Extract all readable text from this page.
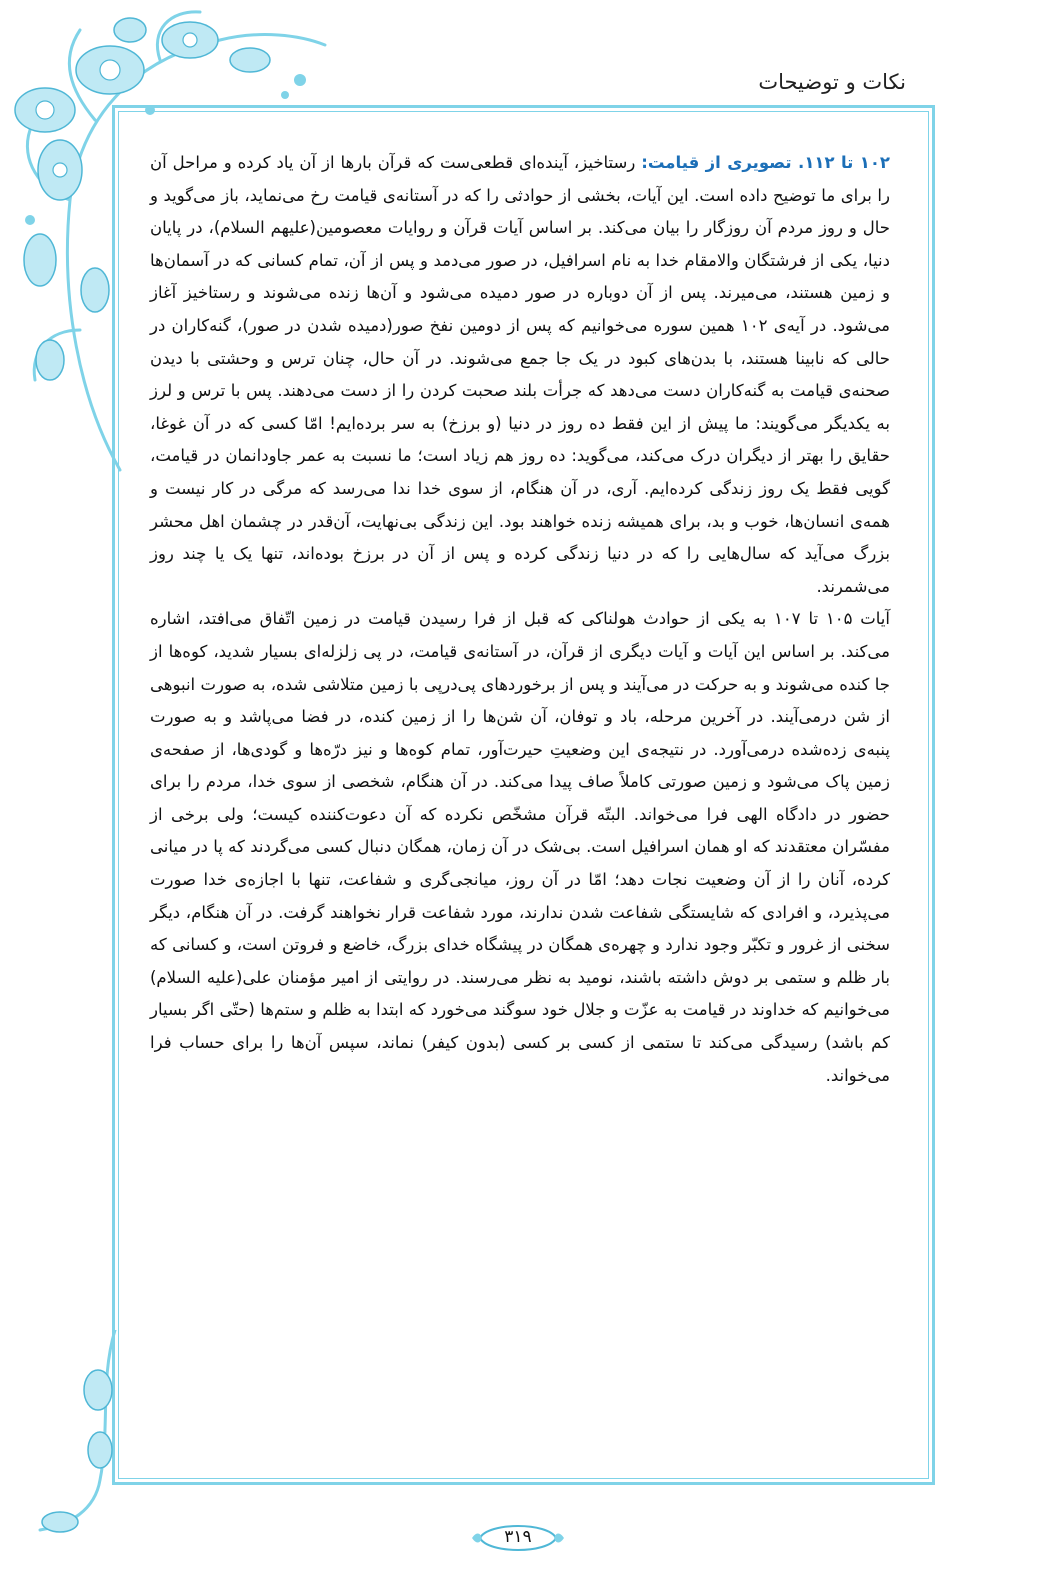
نکات و توضیحات

۱۰۲ تا ۱۱۲. تصویری از قیامت: رستاخیز، آینده‌ای قطعی‌ست که قرآن بارها از آن یاد کرده و مراحل آن را برای ما توضیح داده است. این آیات، بخشی از حوادثی را که در آستانه‌ی قیامت رخ می‌نماید، باز می‌گوید و حال و روز مردم آن روزگار را بیان می‌کند. بر اساس آیات قرآن و روایات معصومین(علیهم السلام)، در پایان دنیا، یکی از فرشتگان والامقام خدا به نام اسرافیل، در صور می‌دمد و پس از آن، تمام کسانی که در آسمان‌ها و زمین هستند، می‌میرند. پس از آن دوباره در صور دمیده می‌شود و آن‌ها زنده می‌شوند و رستاخیز آغاز می‌شود. در آیه‌ی ۱۰۲ همین سوره می‌خوانیم که پس از دومین نفخ صور(دمیده شدن در صور)، گنه‌کاران در حالی که نابینا هستند، با بدن‌های کبود در یک جا جمع می‌شوند. در آن حال، چنان ترس و وحشتی با دیدن صحنه‌ی قیامت به گنه‌کاران دست می‌دهد که جرأت بلند صحبت کردن را از دست می‌دهند. پس با ترس و لرز به یکدیگر می‌گویند: ما پیش از این فقط ده روز در دنیا (و برزخ) به سر برده‌ایم! امّا کسی که در آن غوغا، حقایق را بهتر از دیگران درک می‌کند، می‌گوید: ده روز هم زیاد است؛ ما نسبت به عمر جاودانمان در قیامت، گویی فقط یک روز زندگی کرده‌ایم. آری، در آن هنگام، از سوی خدا ندا می‌رسد که مرگی در کار نیست و همه‌ی انسان‌ها، خوب و بد، برای همیشه زنده خواهند بود. این زندگی بی‌نهایت، آن‌قدر در چشمان اهل محشر بزرگ می‌آید که سال‌هایی را که در دنیا زندگی کرده و پس از آن در برزخ بوده‌اند، تنها یک یا چند روز می‌شمرند.

آیات ۱۰۵ تا ۱۰۷ به یکی از حوادث هولناکی که قبل از فرا رسیدن قیامت در زمین اتّفاق می‌افتد، اشاره می‌کند. بر اساس این آیات و آیات دیگری از قرآن، در آستانه‌ی قیامت، در پی زلزله‌ای بسیار شدید، کوه‌ها از جا کنده می‌شوند و به حرکت در می‌آیند و پس از برخوردهای پی‌درپی با زمین متلاشی شده، به صورت انبوهی از شن درمی‌آیند. در آخرین مرحله، باد و توفان، آن شن‌ها را از زمین کنده، در فضا می‌پاشد و به صورت پنبه‌ی زده‌شده درمی‌آورد. در نتیجه‌ی این وضعیتِ حیرت‌آور، تمام کوه‌ها و نیز درّه‌ها و گودی‌ها، از صفحه‌ی زمین پاک می‌شود و زمین صورتی کاملاً صاف پیدا می‌کند. در آن هنگام، شخصی از سوی خدا، مردم را برای حضور در دادگاه الهی فرا می‌خواند. البتّه قرآن مشخّص نکرده که آن دعوت‌کننده کیست؛ ولی برخی از مفسّران معتقدند که او همان اسرافیل است. بی‌شک در آن زمان، همگان دنبال کسی می‌گردند که پا در میانی کرده، آنان را از آن وضعیت نجات دهد؛ امّا در آن روز، میانجی‌گری و شفاعت، تنها با اجازه‌ی خدا صورت می‌پذیرد، و افرادی که شایستگی شفاعت شدن ندارند، مورد شفاعت قرار نخواهند گرفت. در آن هنگام، دیگر سخنی از غرور و تکبّر وجود ندارد و چهره‌ی همگان در پیشگاه خدای بزرگ، خاضع و فروتن است، و کسانی که بار ظلم و ستمی بر دوش داشته باشند، نومید به نظر می‌رسند. در روایتی از امیر مؤمنان علی(علیه السلام) می‌خوانیم که خداوند در قیامت به عزّت و جلال خود سوگند می‌خورد که ابتدا به ظلم و ستم‌ها (حتّی اگر بسیار کم باشد) رسیدگی می‌کند تا ستمی از کسی بر کسی (بدون کیفر) نماند، سپس آن‌ها را برای حساب فرا می‌خواند.

۳۱۹
